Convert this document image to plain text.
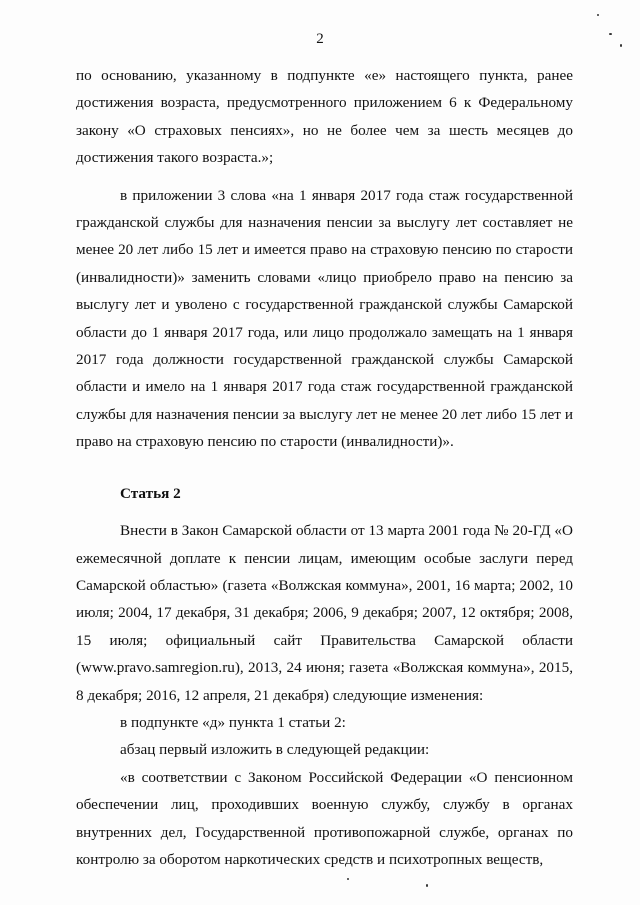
2

по основанию, указанному в подпункте «е» настоящего пункта, ранее достижения возраста, предусмотренного приложением 6 к Федеральному закону «О страховых пенсиях», но не более чем за шесть месяцев до достижения такого возраста.»;

в приложении 3 слова «на 1 января 2017 года стаж государственной гражданской службы для назначения пенсии за выслугу лет составляет не менее 20 лет либо 15 лет и имеется право на страховую пенсию по старости (инвалидности)» заменить словами «лицо приобрело право на пенсию за выслугу лет и уволено с государственной гражданской службы Самарской области до 1 января 2017 года, или лицо продолжало замещать на 1 января 2017 года должности государственной гражданской службы Самарской области и имело на 1 января 2017 года стаж государственной гражданской службы для назначения пенсии за выслугу лет не менее 20 лет либо 15 лет и право на страховую пенсию по старости (инвалидности)».

Статья 2

Внести в Закон Самарской области от 13 марта 2001 года № 20-ГД «О ежемесячной доплате к пенсии лицам, имеющим особые заслуги перед Самарской областью» (газета «Волжская коммуна», 2001, 16 марта; 2002, 10 июля; 2004, 17 декабря, 31 декабря; 2006, 9 декабря; 2007, 12 октября; 2008, 15 июля; официальный сайт Правительства Самарской области (www.pravo.samregion.ru), 2013, 24 июня; газета «Волжская коммуна», 2015, 8 декабря; 2016, 12 апреля, 21 декабря) следующие изменения:

в подпункте «д» пункта 1 статьи 2:

абзац первый изложить в следующей редакции:

«в соответствии с Законом Российской Федерации «О пенсионном обеспечении лиц, проходивших военную службу, службу в органах внутренних дел, Государственной противопожарной службе, органах по контролю за оборотом наркотических средств и психотропных веществ,
